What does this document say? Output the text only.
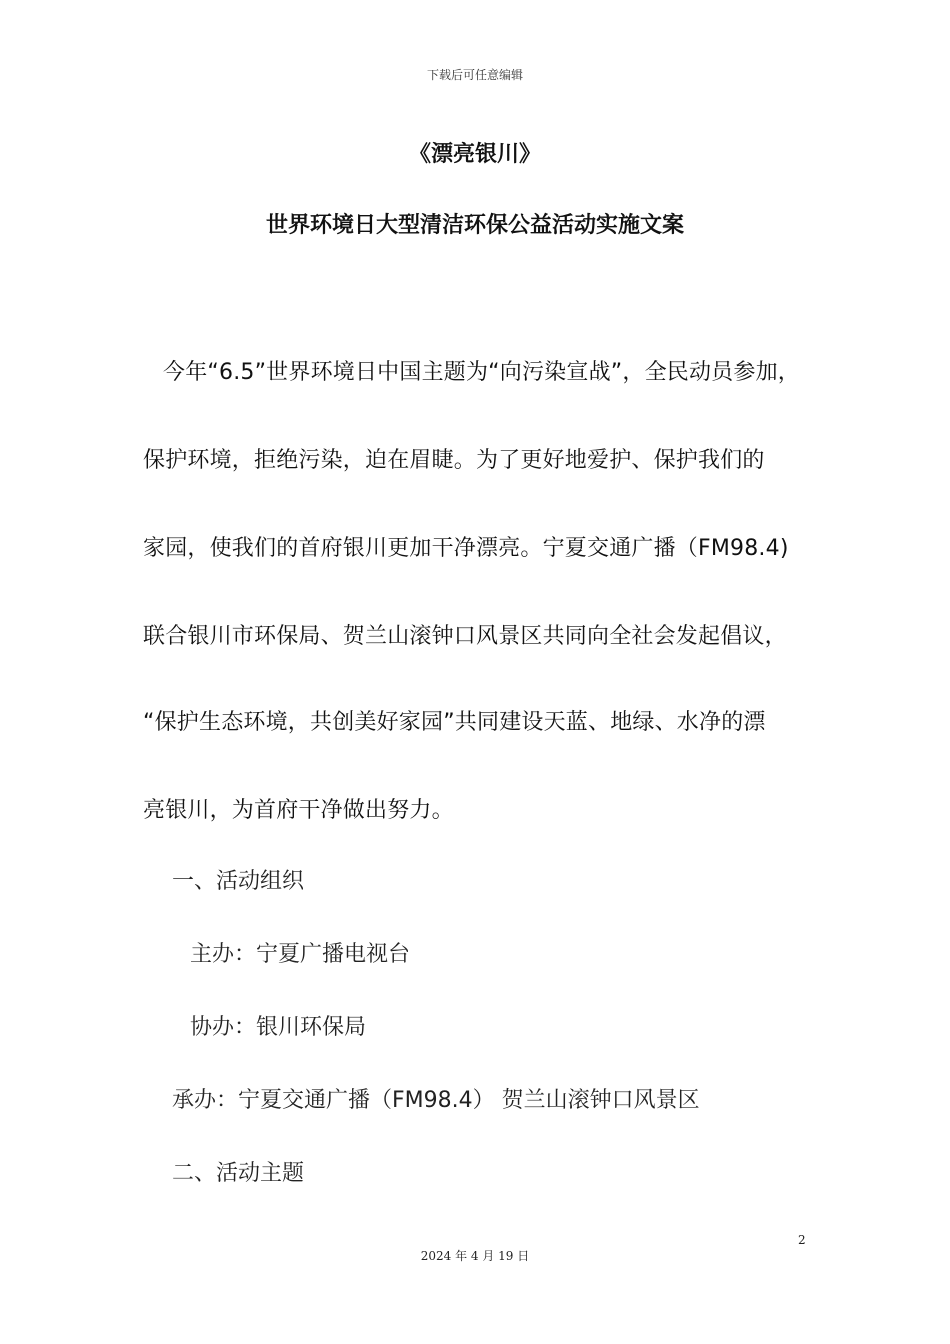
下载后可任意编辑
《漂亮银川》
世界环境日大型清洁环保公益活动实施文案
今年“6.5”世界环境日中国主题为“向污染宣战”，全民动员参加，
保护环境，拒绝污染，迫在眉睫。为了更好地爱护、保护我们的
家园，使我们的首府银川更加干净漂亮。宁夏交通广播（FM98.4)
联合银川市环保局、贺兰山滚钟口风景区共同向全社会发起倡议，
“保护生态环境，共创美好家园”共同建设天蓝、地绿、水净的漂
亮银川，为首府干净做出努力。
一、活动组织
主办：宁夏广播电视台
协办：银川环保局
承办：宁夏交通广播（FM98.4） 贺兰山滚钟口风景区
二、活动主题
2
2024 年 4 月 19 日
